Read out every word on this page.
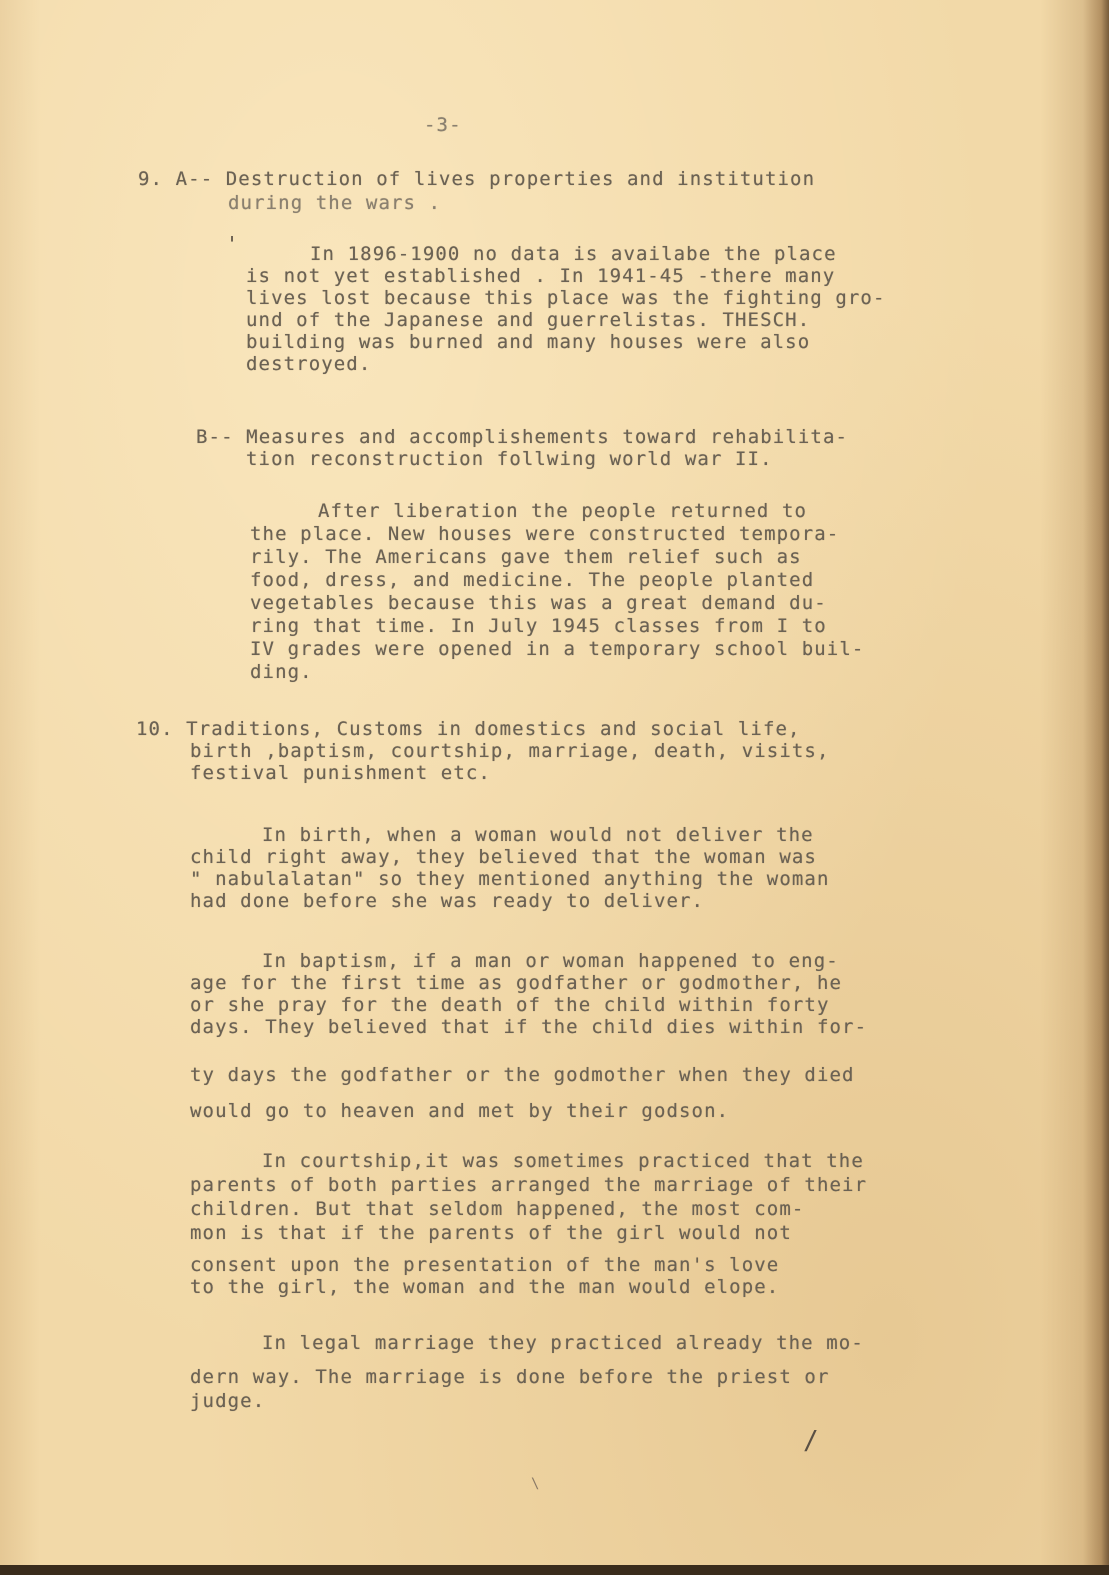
-3-

9. A-- Destruction of lives properties and institution

during the wars .

In 1896-1900 no data is availabe the place

is not yet established . In 1941-45 -there many

lives lost because this place was the fighting gro-

und of the Japanese and guerrelistas. THESCH.

building was burned and many houses were also

destroyed.

B-- Measures and accomplishements toward rehabilita-

tion reconstruction follwing world war II.

After liberation the people returned to

the place. New houses were constructed tempora-

rily. The Americans gave them relief such as

food, dress, and medicine. The people planted

vegetables because this was a great demand du-

ring that time. In July 1945 classes from I to

IV grades were opened in a temporary school buil-

ding.

10. Traditions, Customs in domestics and social life,

birth ,baptism, courtship, marriage, death, visits,

festival punishment etc.

In birth, when a woman would not deliver the

child right away, they believed that the woman was

" nabulalatan" so they mentioned anything the woman

had done before she was ready to deliver.

In baptism, if a man or woman happened to eng-

age for the first time as godfather or godmother, he

or she pray for the death of the child within forty

days. They believed that if the child dies within for-

ty days the godfather or the godmother when they died

would go to heaven and met by their godson.

In courtship,it was sometimes practiced that the

parents of both parties arranged the marriage of their

children. But that seldom happened, the most com-

mon is that if the parents of the girl would not

consent upon the presentation of the man's love

to the girl, the woman and the man would elope.

In legal marriage they practiced already the mo-

dern way. The marriage is done before the priest or

judge.

'
/
\
